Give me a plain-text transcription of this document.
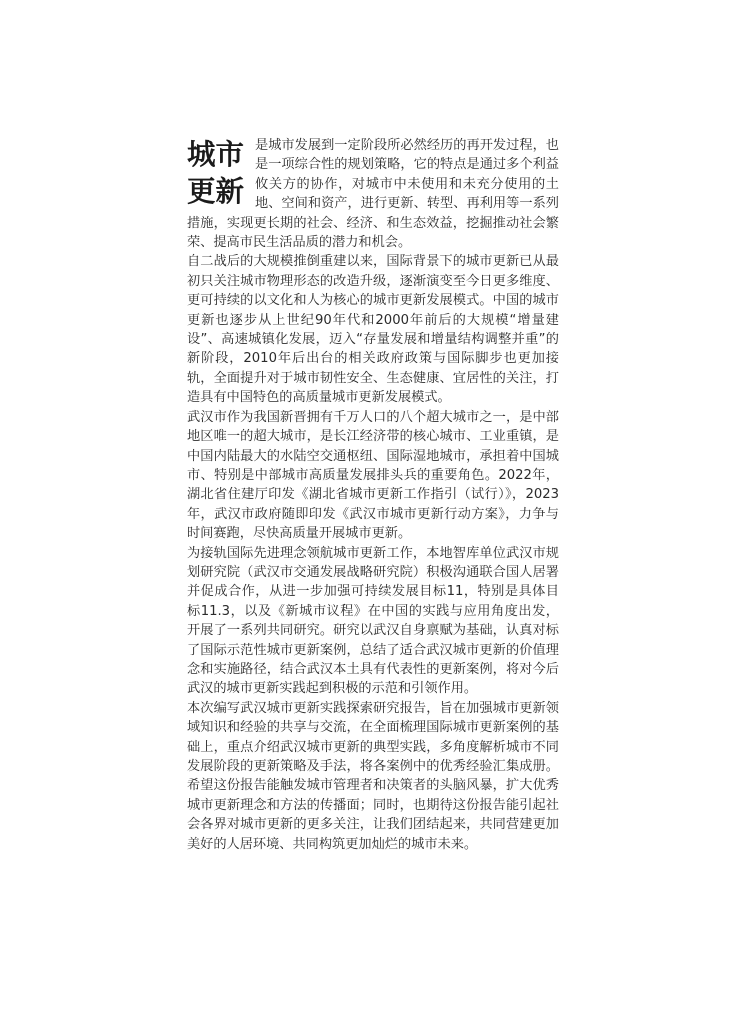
城市
更新

是城市发展到一定阶段所必然经历的再开发过程，也是一项综合性的规划策略，它的特点是通过多个利益攸关方的协作，对城市中未使用和未充分使用的土地、空间和资产，进行更新、转型、再利用等一系列措施，实现更长期的社会、经济、和生态效益，挖掘推动社会繁荣、提高市民生活品质的潜力和机会。

自二战后的大规模推倒重建以来，国际背景下的城市更新已从最初只关注城市物理形态的改造升级，逐渐演变至今日更多维度、更可持续的以文化和人为核心的城市更新发展模式。中国的城市更新也逐步从上世纪90年代和2000年前后的大规模“增量建设”、高速城镇化发展，迈入“存量发展和增量结构调整并重”的新阶段，2010年后出台的相关政府政策与国际脚步也更加接轨，全面提升对于城市韧性安全、生态健康、宜居性的关注，打造具有中国特色的高质量城市更新发展模式。

武汉市作为我国新晋拥有千万人口的八个超大城市之一，是中部地区唯一的超大城市，是长江经济带的核心城市、工业重镇，是中国内陆最大的水陆空交通枢纽、国际湿地城市，承担着中国城市、特别是中部城市高质量发展排头兵的重要角色。2022年，湖北省住建厅印发《湖北省城市更新工作指引（试行）》，2023年，武汉市政府随即印发《武汉市城市更新行动方案》，力争与时间赛跑，尽快高质量开展城市更新。

为接轨国际先进理念领航城市更新工作，本地智库单位武汉市规划研究院（武汉市交通发展战略研究院）积极沟通联合国人居署并促成合作，从进一步加强可持续发展目标11，特别是具体目标11.3，以及《新城市议程》在中国的实践与应用角度出发，开展了一系列共同研究。研究以武汉自身禀赋为基础，认真对标了国际示范性城市更新案例，总结了适合武汉城市更新的价值理念和实施路径，结合武汉本土具有代表性的更新案例，将对今后武汉的城市更新实践起到积极的示范和引领作用。

本次编写武汉城市更新实践探索研究报告，旨在加强城市更新领域知识和经验的共享与交流，在全面梳理国际城市更新案例的基础上，重点介绍武汉城市更新的典型实践，多角度解析城市不同发展阶段的更新策略及手法，将各案例中的优秀经验汇集成册。希望这份报告能触发城市管理者和决策者的头脑风暴，扩大优秀城市更新理念和方法的传播面；同时，也期待这份报告能引起社会各界对城市更新的更多关注，让我们团结起来，共同营建更加美好的人居环境、共同构筑更加灿烂的城市未来。
